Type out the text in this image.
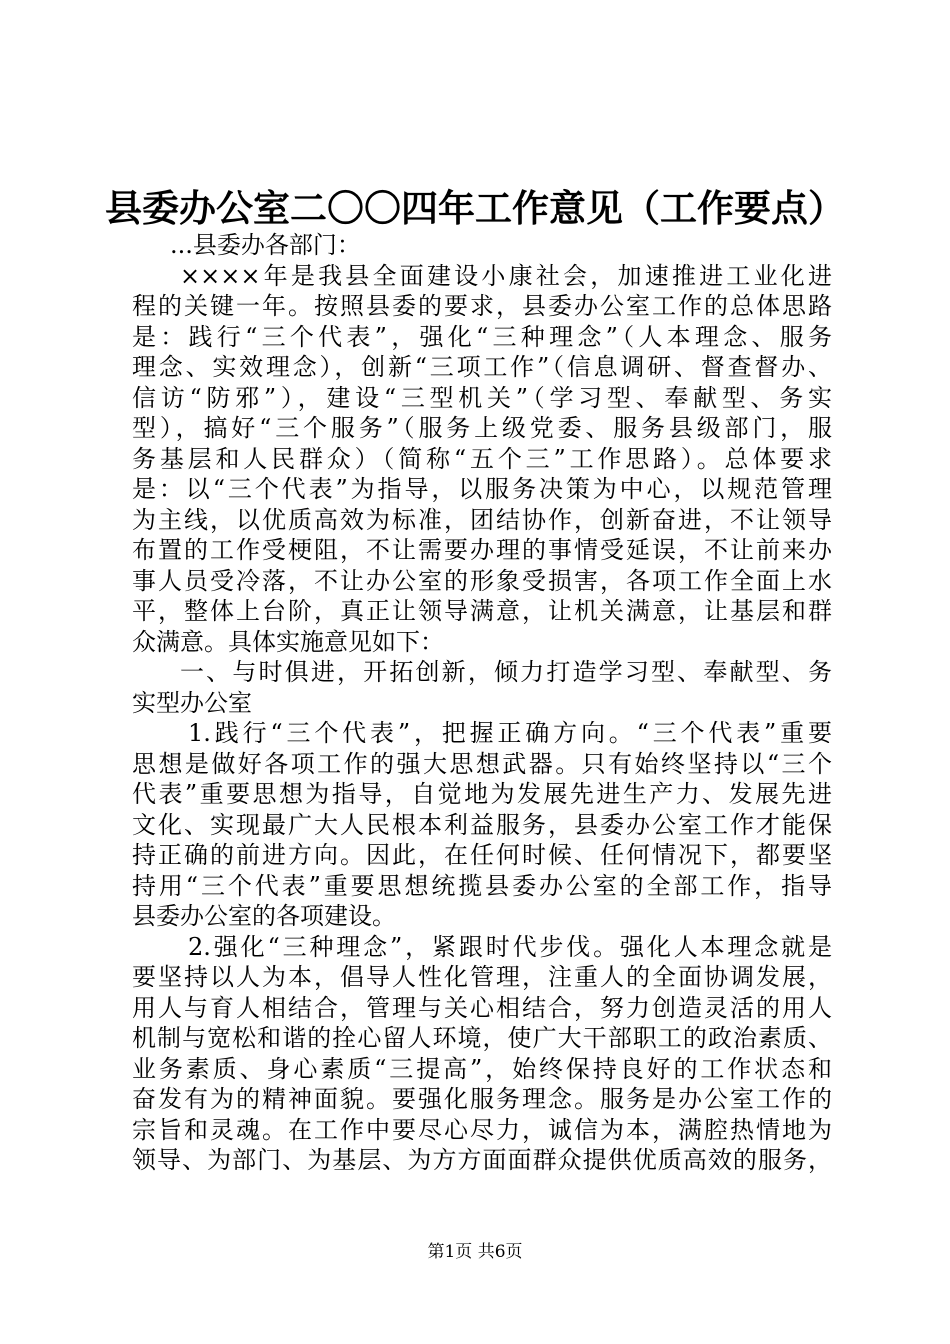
县委办公室二〇〇四年工作意见（工作要点）
...县委办各部门：
××××年是我县全面建设小康社会，加速推进工业化进
程的关键一年。按照县委的要求，县委办公室工作的总体思路
是：践行“三个代表”，强化“三种理念”（人本理念、服务
理念、实效理念），创新“三项工作”（信息调研、督查督办、
信访“防邪”），建设“三型机关”（学习型、奉献型、务实
型），搞好“三个服务”（服务上级党委、服务县级部门，服
务基层和人民群众）（简称“五个三”工作思路）。总体要求
是：以“三个代表”为指导，以服务决策为中心，以规范管理
为主线，以优质高效为标准，团结协作，创新奋进，不让领导
布置的工作受梗阻，不让需要办理的事情受延误，不让前来办
事人员受冷落，不让办公室的形象受损害，各项工作全面上水
平，整体上台阶，真正让领导满意，让机关满意，让基层和群
众满意。具体实施意见如下：
一、与时俱进，开拓创新，倾力打造学习型、奉献型、务
实型办公室
1.践行“三个代表”，把握正确方向。“三个代表”重要
思想是做好各项工作的强大思想武器。只有始终坚持以“三个
代表”重要思想为指导，自觉地为发展先进生产力、发展先进
文化、实现最广大人民根本利益服务，县委办公室工作才能保
持正确的前进方向。因此，在任何时候、任何情况下，都要坚
持用“三个代表”重要思想统揽县委办公室的全部工作，指导
县委办公室的各项建设。
2.强化“三种理念”，紧跟时代步伐。强化人本理念就是
要坚持以人为本，倡导人性化管理，注重人的全面协调发展，
用人与育人相结合，管理与关心相结合，努力创造灵活的用人
机制与宽松和谐的拴心留人环境，使广大干部职工的政治素质、
业务素质、身心素质“三提高”，始终保持良好的工作状态和
奋发有为的精神面貌。要强化服务理念。服务是办公室工作的
宗旨和灵魂。在工作中要尽心尽力，诚信为本，满腔热情地为
领导、为部门、为基层、为方方面面群众提供优质高效的服务，
第1页 共6页
